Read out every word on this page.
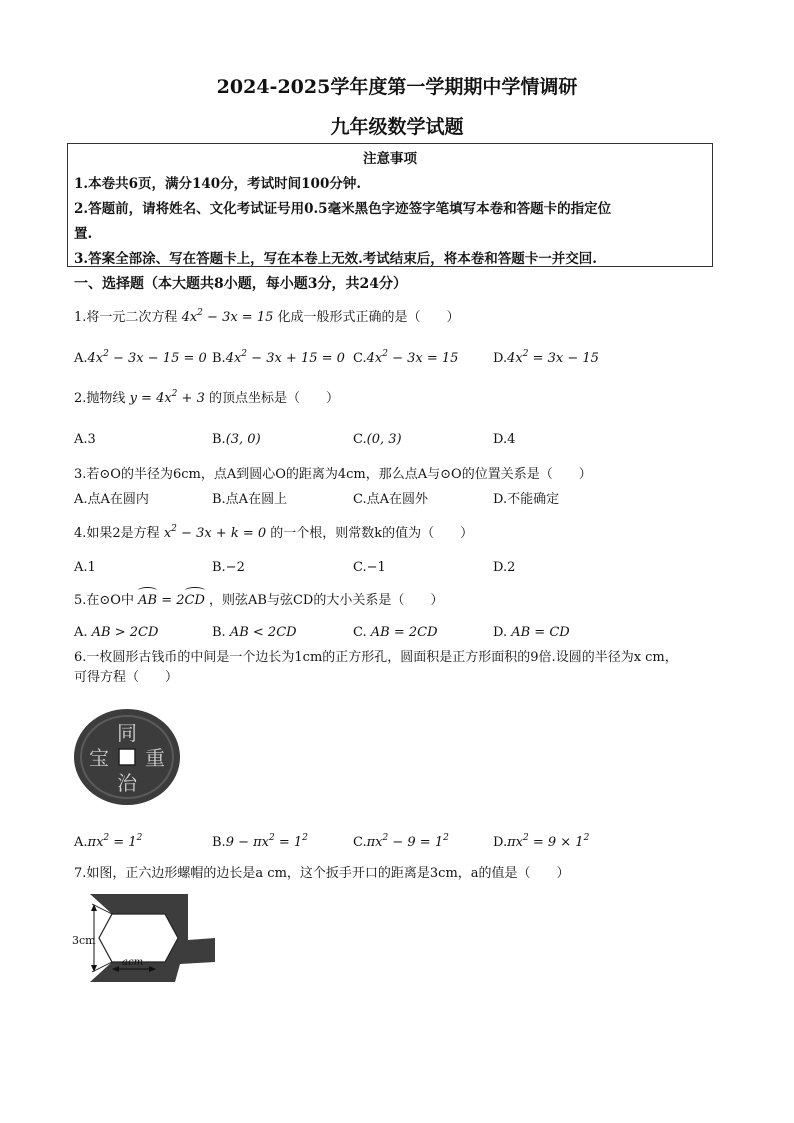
2024-2025学年度第一学期期中学情调研
九年级数学试题
注意事项
1.本卷共6页，满分140分，考试时间100分钟.
2.答题前，请将姓名、文化考试证号用0.5毫米黑色字迹签字笔填写本卷和答题卡的指定位
置.
3.答案全部涂、写在答题卡上，写在本卷上无效.考试结束后，将本卷和答题卡一并交回.
一、选择题（本大题共8小题，每小题3分，共24分）
1.将一元二次方程 $4x^2 - 3x = 15$ 化成一般形式正确的是（　　）
$A.4x^2 - 3x - 15 = 0$ $B.4x^2 - 3x + 15 = 0$ $C.4x^2 - 3x = 15$	$D.4x^2 = 3x - 15$
2.抛物线 $y = 4x^2 + 3$ 的顶点坐标是（　　）
A.3	B.(3, 0)	C.(0, 3)	D.4
3.若⊙O的半径为6cm，点A到圆心O的距离为4cm，那么点A与⊙O的位置关系是（　　）
A.点A在圆内	B.点A在圆上	C.点A在圆外	D.不能确定
4.如果2是方程 $x^2 - 3x + k = 0$ 的一个根，则常数k的值为（　　）
A.1	B.−2	C.−1	D.2
5.在⊙O中 AB = 2CD ，则弦AB与弦CD的大小关系是（　　）
A. AB > 2CD	B. AB < 2CD	C. AB = 2CD	D. AB = CD
6.一枚圆形古钱币的中间是一个边长为1cm的正方形孔，圆面积是正方形面积的9倍.设圆的半径为x cm，
可得方程（　　）
同
治
重
宝
$A.\pi x^2 = 1^2$	$B.9 - \pi x^2 = 1^2$	$C.\pi x^2 - 9 = 1^2$	$D.\pi x^2 = 9 \times 1^2$
7.如图，正六边形螺帽的边长是a cm，这个扳手开口的距离是3cm，a的值是（　　）
3cm
acm
